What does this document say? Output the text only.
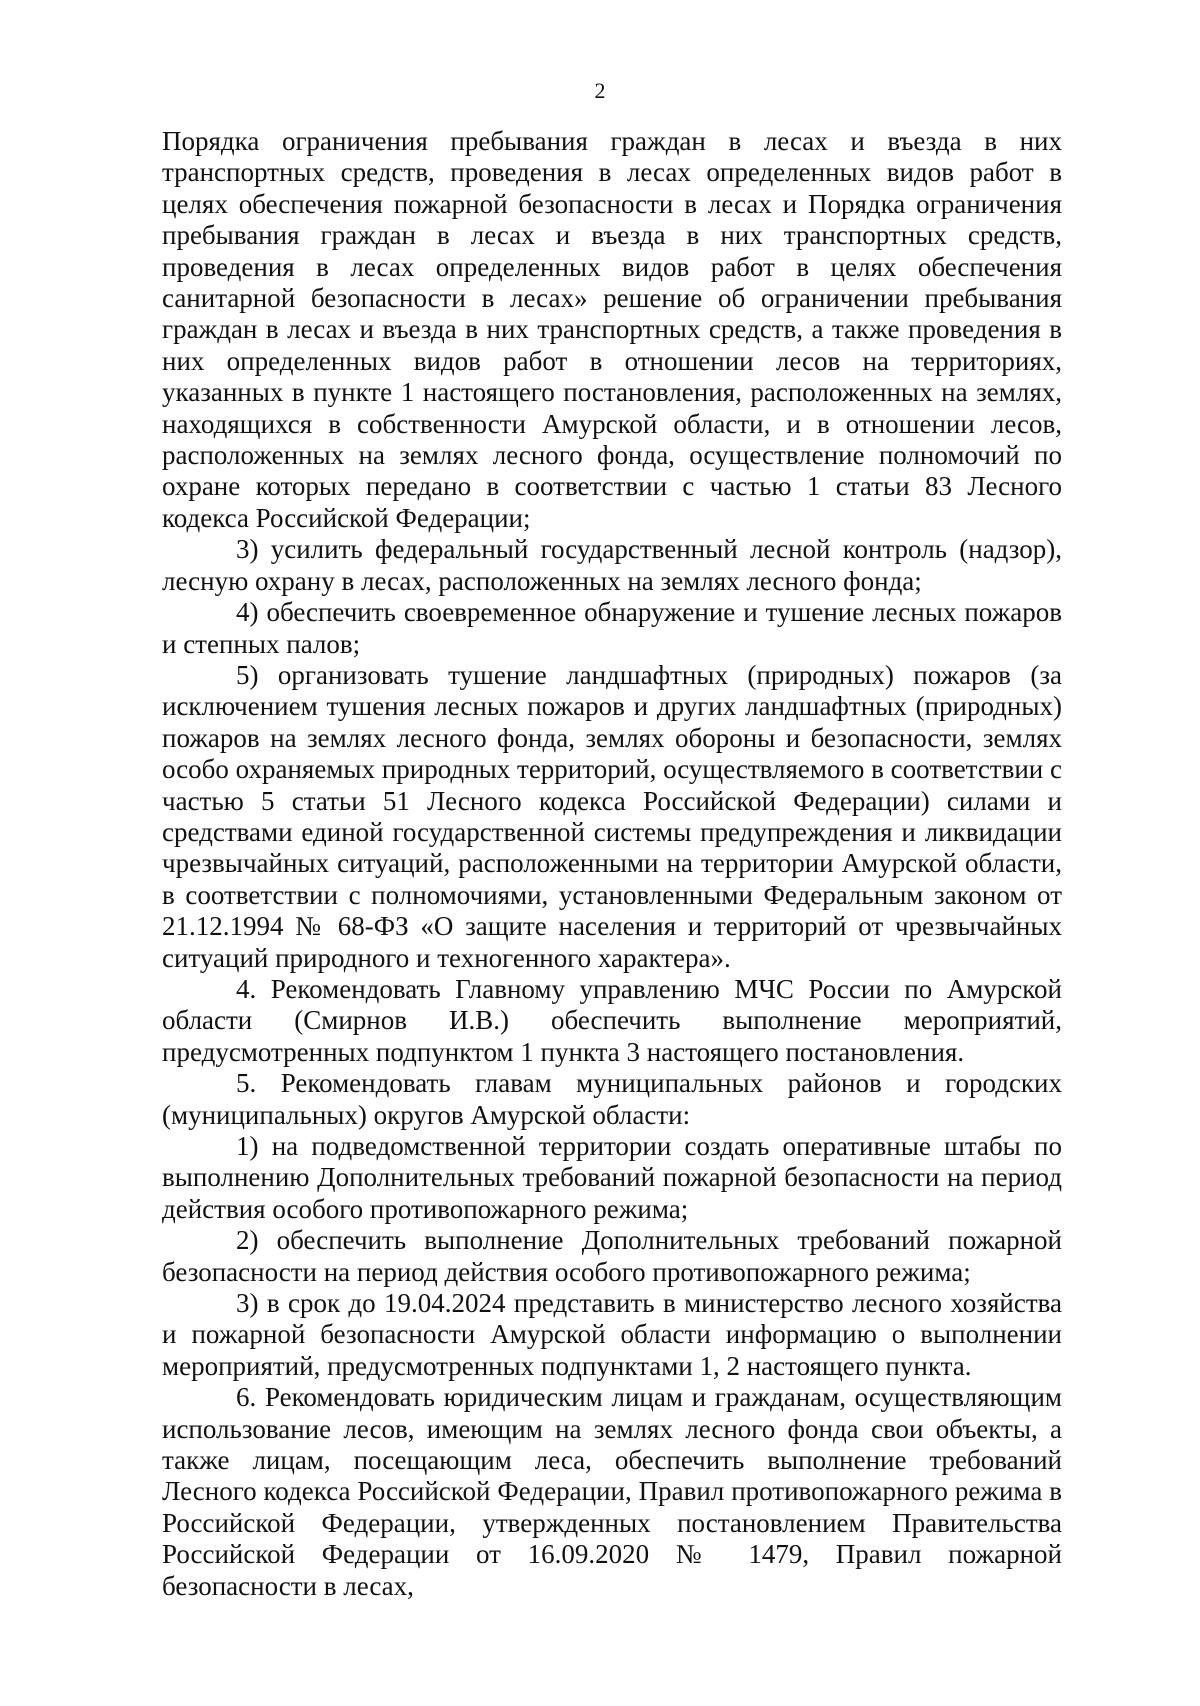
2

Порядка ограничения пребывания граждан в лесах и въезда в них транспортных средств, проведения в лесах определенных видов работ в целях обеспечения пожарной безопасности в лесах и Порядка ограничения пребывания граждан в лесах и въезда в них транспортных средств, проведения в лесах определенных видов работ в целях обеспечения санитарной безопасности в лесах» решение об ограничении пребывания граждан в лесах и въезда в них транспортных средств, а также проведения в них определенных видов работ в отношении лесов на территориях, указанных в пункте 1 настоящего постановления, расположенных на землях, находящихся в собственности Амурской области, и в отношении лесов, расположенных на землях лесного фонда, осуществление полномочий по охране которых передано в соответствии с частью 1 статьи 83 Лесного кодекса Российской Федерации;

3) усилить федеральный государственный лесной контроль (надзор), лесную охрану в лесах, расположенных на землях лесного фонда;

4) обеспечить своевременное обнаружение и тушение лесных пожаров и степных палов;

5) организовать тушение ландшафтных (природных) пожаров (за исключением тушения лесных пожаров и других ландшафтных (природных) пожаров на землях лесного фонда, землях обороны и безопасности, землях особо охраняемых природных территорий, осуществляемого в соответствии с частью 5 статьи 51 Лесного кодекса Российской Федерации) силами и средствами единой государственной системы предупреждения и ликвидации чрезвычайных ситуаций, расположенными на территории Амурской области, в соответствии с полномочиями, установленными Федеральным законом от 21.12.1994 № 68-ФЗ «О защите населения и территорий от чрезвычайных ситуаций природного и техногенного характера».

4. Рекомендовать Главному управлению МЧС России по Амурской области (Смирнов И.В.) обеспечить выполнение мероприятий, предусмотренных подпунктом 1 пункта 3 настоящего постановления.

5. Рекомендовать главам муниципальных районов и городских (муниципальных) округов Амурской области:

1) на подведомственной территории создать оперативные штабы по выполнению Дополнительных требований пожарной безопасности на период действия особого противопожарного режима;

2) обеспечить выполнение Дополнительных требований пожарной безопасности на период действия особого противопожарного режима;

3) в срок до 19.04.2024 представить в министерство лесного хозяйства и пожарной безопасности Амурской области информацию о выполнении мероприятий, предусмотренных подпунктами 1, 2 настоящего пункта.

6. Рекомендовать юридическим лицам и гражданам, осуществляющим использование лесов, имеющим на землях лесного фонда свои объекты, а также лицам, посещающим леса, обеспечить выполнение требований Лесного кодекса Российской Федерации, Правил противопожарного режима в Российской Федерации, утвержденных постановлением Правительства Российской Федерации от 16.09.2020 № 1479, Правил пожарной безопасности в лесах,
